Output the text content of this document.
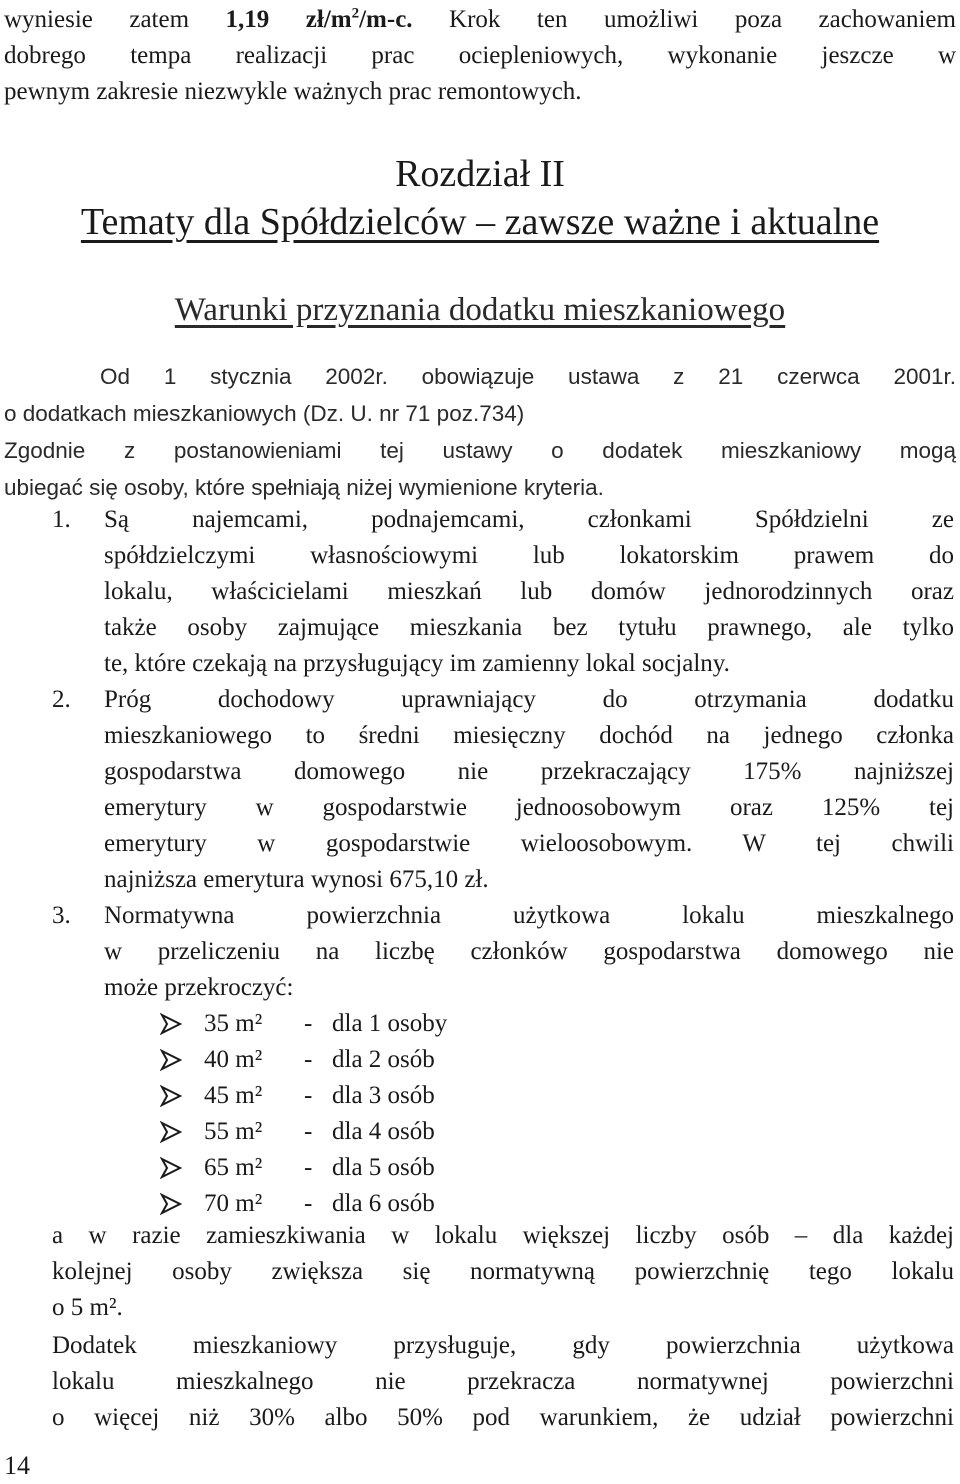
wyniesie zatem 1,19 $zł/m^2/m-c$. Krok ten umożliwi poza zachowaniem
dobrego tempa realizacji prac ociepleniowych, wykonanie jeszcze w
pewnym zakresie niezwykle ważnych prac remontowych.
Rozdział II
Tematy dla Spółdzielców – zawsze ważne i aktualne
Warunki przyznania dodatku mieszkaniowego
Od 1 stycznia 2002r. obowiązuje ustawa z 21 czerwca 2001r.
o dodatkach mieszkaniowych (Dz. U. nr 71 poz.734)
Zgodnie z postanowieniami tej ustawy o dodatek mieszkaniowy mogą
ubiegać się osoby, które spełniają niżej wymienione kryteria.
1. Są najemcami, podnajemcami, członkami Spółdzielni ze
spółdzielczymi własnościowymi lub lokatorskim prawem do
lokalu, właścicielami mieszkań lub domów jednorodzinnych oraz
także osoby zajmujące mieszkania bez tytułu prawnego, ale tylko
te, które czekają na przysługujący im zamienny lokal socjalny.
2. Próg dochodowy uprawniający do otrzymania dodatku
mieszkaniowego to średni miesięczny dochód na jednego członka
gospodarstwa domowego nie przekraczający 175% najniższej
emerytury w gospodarstwie jednoosobowym oraz 125% tej
emerytury w gospodarstwie wieloosobowym. W tej chwili
najniższa emerytura wynosi 675,10 zł.
3. Normatywna powierzchnia użytkowa lokalu mieszkalnego
w przeliczeniu na liczbę członków gospodarstwa domowego nie
może przekroczyć:
35 m²	- dla 1 osoby
40 m²	- dla 2 osób
45 m²	- dla 3 osób
55 m²	- dla 4 osób
65 m²	- dla 5 osób
70 m²	- dla 6 osób
a w razie zamieszkiwania w lokalu większej liczby osób – dla każdej
kolejnej osoby zwiększa się normatywną powierzchnię tego lokalu
o 5 m².
Dodatek mieszkaniowy przysługuje, gdy powierzchnia użytkowa
lokalu mieszkalnego nie przekracza normatywnej powierzchni
o więcej niż 30% albo 50% pod warunkiem, że udział powierzchni
14
